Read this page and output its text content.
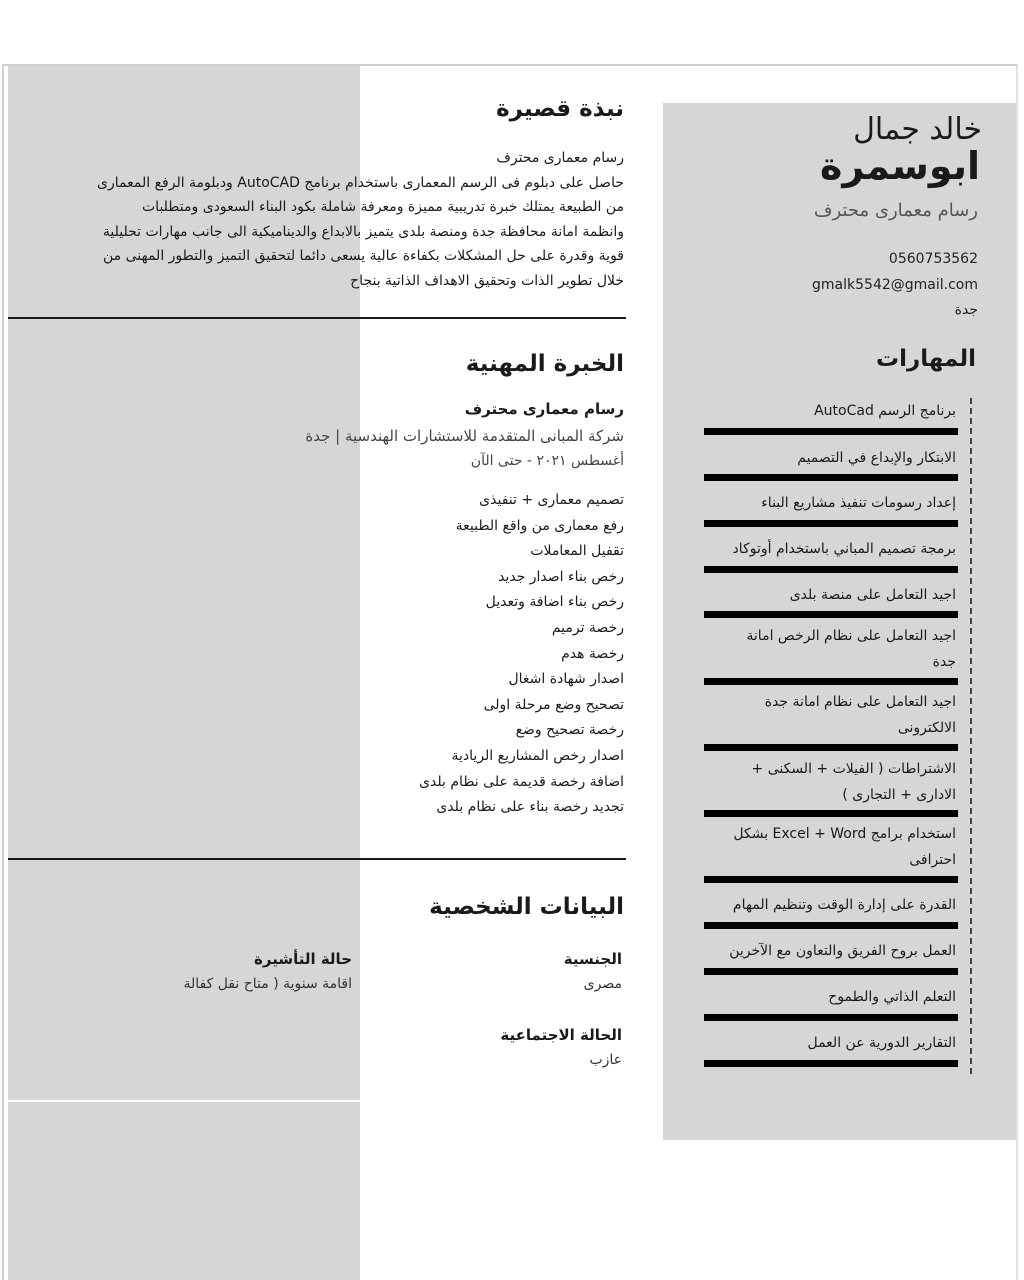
خالد جمال
ابوسمرة
رسام معمارى محترف
0560753562
gmalk5542@gmail.com
جدة
المهارات
برنامج الرسم AutoCad
الابتكار والإبداع في التصميم
إعداد رسومات تنفيذ مشاريع البناء
برمجة تصميم المباني باستخدام أوتوكاد
اجيد التعامل على منصة بلدى
اجيد التعامل على نظام الرخص امانة جدة
اجيد التعامل على نظام امانة جدة الالكترونى
الاشتراطات ( الفيلات + السكنى + الادارى + التجارى )
استخدام برامج Excel + Word بشكل احترافى
القدرة على إدارة الوقت وتنظيم المهام
العمل بروح الفريق والتعاون مع الآخرين
التعلم الذاتي والطموح
التقارير الدورية عن العمل
نبذة قصيرة
رسام معمارى محترف
حاصل على دبلوم فى الرسم المعمارى باستخدام برنامج AutoCAD ودبلومة الرفع المعمارى
من الطبيعة يمتلك خبرة تدريبية مميزة ومعرفة شاملة بكود البناء السعودى ومتطلبات
وانظمة امانة محافظة جدة ومنصة بلدى يتميز بالابداع والديناميكية الى جانب مهارات تحليلية
قوية وقدرة على حل المشكلات بكفاءة عالية يسعى دائما لتحقيق التميز والتطور المهنى من
خلال تطوير الذات وتحقيق الاهداف الذاتية بنجاح
الخبرة المهنية
رسام معمارى محترف
شركة المبانى المتقدمة للاستشارات الهندسية | جدة
أغسطس ٢٠٢١ - حتى الآن
تصميم معمارى + تنفيذى
رفع معمارى من واقع الطبيعة
تقفيل المعاملات
رخص بناء اصدار جديد
رخص بناء اضافة وتعديل
رخصة ترميم
رخصة هدم
اصدار شهادة اشغال
تصحيح وضع مرحلة اولى
رخصة تصحيح وضع
اصدار رخص المشاريع الريادية
اضافة رخصة قديمة على نظام بلدى
تجديد رخصة بناء على نظام بلدى
البيانات الشخصية
الجنسية
مصرى
الحالة الاجتماعية
عازب
حالة التأشيرة
اقامة سنوية ( متاح نقل كفالة
